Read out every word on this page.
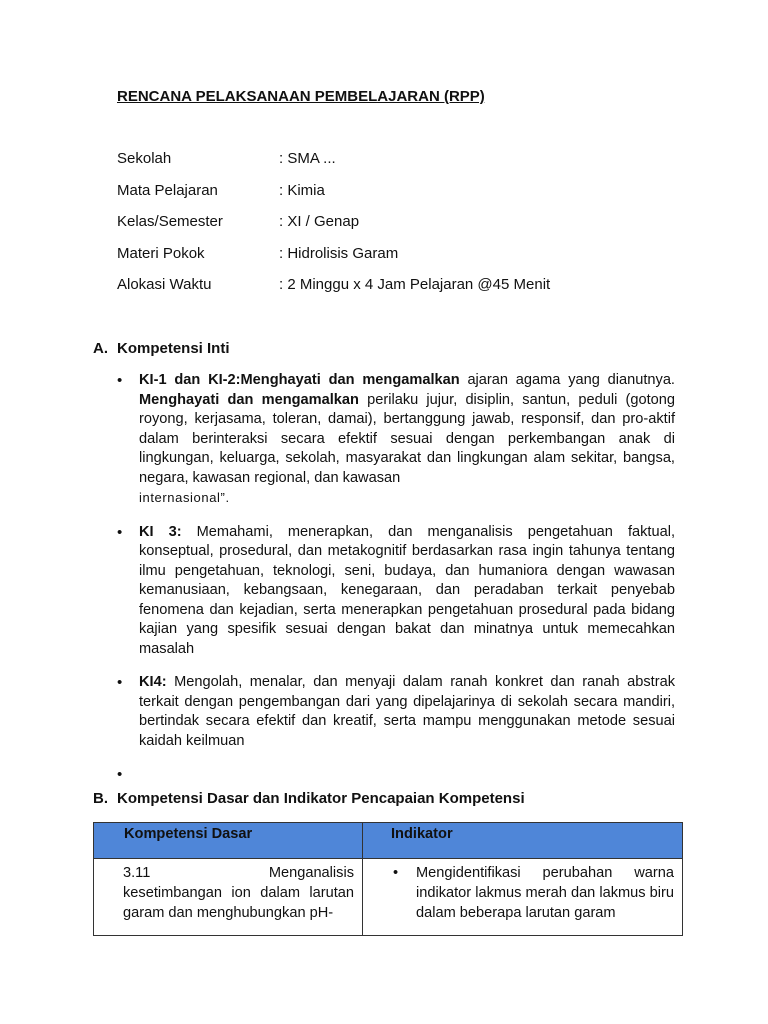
RENCANA PELAKSANAAN PEMBELAJARAN (RPP)
Sekolah	: SMA ...
Mata Pelajaran	: Kimia
Kelas/Semester	: XI / Genap
Materi Pokok	: Hidrolisis Garam
Alokasi Waktu	: 2 Minggu x 4 Jam Pelajaran @45 Menit
A. Kompetensi Inti
• KI-1 dan KI-2:Menghayati dan mengamalkan ajaran agama yang dianutnya. Menghayati dan mengamalkan perilaku jujur, disiplin, santun, peduli (gotong royong, kerjasama, toleran, damai), bertanggung jawab, responsif, dan pro-aktif dalam berinteraksi secara efektif sesuai dengan perkembangan anak di lingkungan, keluarga, sekolah, masyarakat dan lingkungan alam sekitar, bangsa, negara, kawasan regional, dan kawasan
internasional”.
• KI 3: Memahami, menerapkan, dan menganalisis pengetahuan faktual, konseptual, prosedural, dan metakognitif berdasarkan rasa ingin tahunya tentang ilmu pengetahuan, teknologi, seni, budaya, dan humaniora dengan wawasan kemanusiaan, kebangsaan, kenegaraan, dan peradaban terkait penyebab fenomena dan kejadian, serta menerapkan pengetahuan prosedural pada bidang kajian yang spesifik sesuai dengan bakat dan minatnya untuk memecahkan masalah
• KI4: Mengolah, menalar, dan menyaji dalam ranah konkret dan ranah abstrak terkait dengan pengembangan dari yang dipelajarinya di sekolah secara mandiri, bertindak secara efektif dan kreatif, serta mampu menggunakan metode sesuai kaidah keilmuan
•
B. Kompetensi Dasar dan Indikator Pencapaian Kompetensi
Kompetensi Dasar	Indikator

3.11          Menganalisis kesetimbangan ion dalam larutan garam dan menghubungkan pH-	• Mengidentifikasi perubahan warna indikator lakmus merah dan lakmus biru dalam beberapa larutan garam
